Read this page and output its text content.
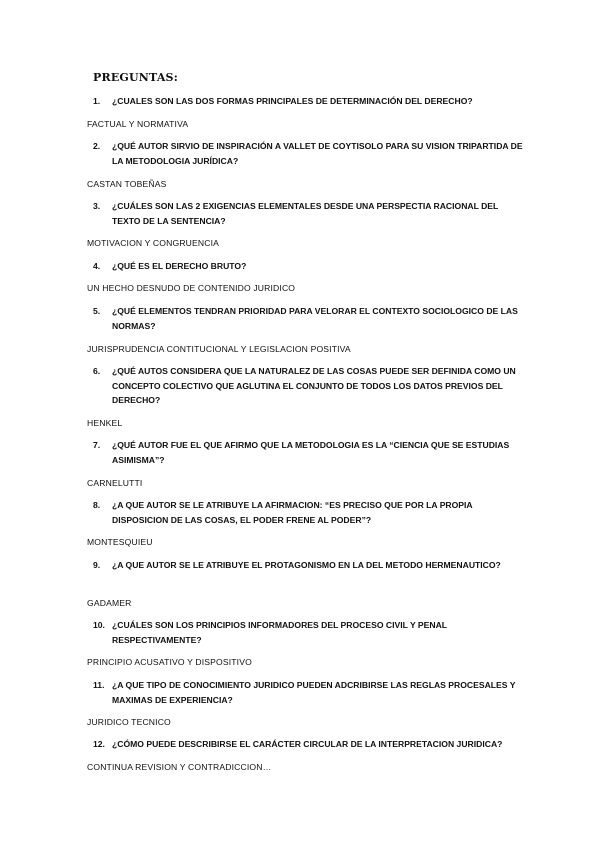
PREGUNTAS:
1.	¿CUALES SON LAS DOS FORMAS PRINCIPALES DE DETERMINACIÓN DEL DERECHO?
FACTUAL Y NORMATIVA
2.	¿QUÉ AUTOR SIRVIO DE INSPIRACIÓN A VALLET DE COYTISOLO PARA SU VISION TRIPARTIDA DE LA METODOLOGIA JURÍDICA?
CASTAN TOBEÑAS
3.	¿CUÁLES SON LAS 2 EXIGENCIAS ELEMENTALES DESDE UNA PERSPECTIA RACIONAL DEL TEXTO DE LA SENTENCIA?
MOTIVACION Y CONGRUENCIA
4.	¿QUÉ ES EL DERECHO BRUTO?
UN HECHO DESNUDO DE CONTENIDO JURIDICO
5.	¿QUÉ ELEMENTOS TENDRAN PRIORIDAD PARA VELORAR EL CONTEXTO SOCIOLOGICO DE LAS NORMAS?
JURISPRUDENCIA CONTITUCIONAL Y LEGISLACION POSITIVA
6.	¿QUÉ AUTOS CONSIDERA QUE LA NATURALEZ DE LAS COSAS PUEDE SER DEFINIDA COMO UN CONCEPTO COLECTIVO QUE AGLUTINA EL CONJUNTO DE TODOS LOS DATOS PREVIOS DEL DERECHO?
HENKEL
7.	¿QUÉ AUTOR FUE EL QUE AFIRMO QUE LA METODOLOGIA ES LA “CIENCIA QUE SE ESTUDIAS ASIMISMA”?
CARNELUTTI
8.	¿A QUE AUTOR SE LE ATRIBUYE LA AFIRMACION: “ES PRECISO QUE POR LA PROPIA DISPOSICION DE LAS COSAS, EL PODER FRENE AL PODER”?
MONTESQUIEU
9.	¿A QUE AUTOR SE LE ATRIBUYE EL PROTAGONISMO EN LA DEL METODO HERMENAUTICO?
GADAMER
10. ¿CUÁLES SON LOS PRINCIPIOS INFORMADORES DEL PROCESO CIVIL Y PENAL RESPECTIVAMENTE?
PRINCIPIO ACUSATIVO Y DISPOSITIVO
11. ¿A QUE TIPO DE CONOCIMIENTO JURIDICO PUEDEN ADCRIBIRSE LAS REGLAS PROCESALES Y MAXIMAS DE EXPERIENCIA?
JURIDICO TECNICO
12. ¿CÓMO PUEDE DESCRIBIRSE EL CARÁCTER CIRCULAR DE LA INTERPRETACION JURIDICA?
CONTINUA REVISION Y CONTRADICCION…
